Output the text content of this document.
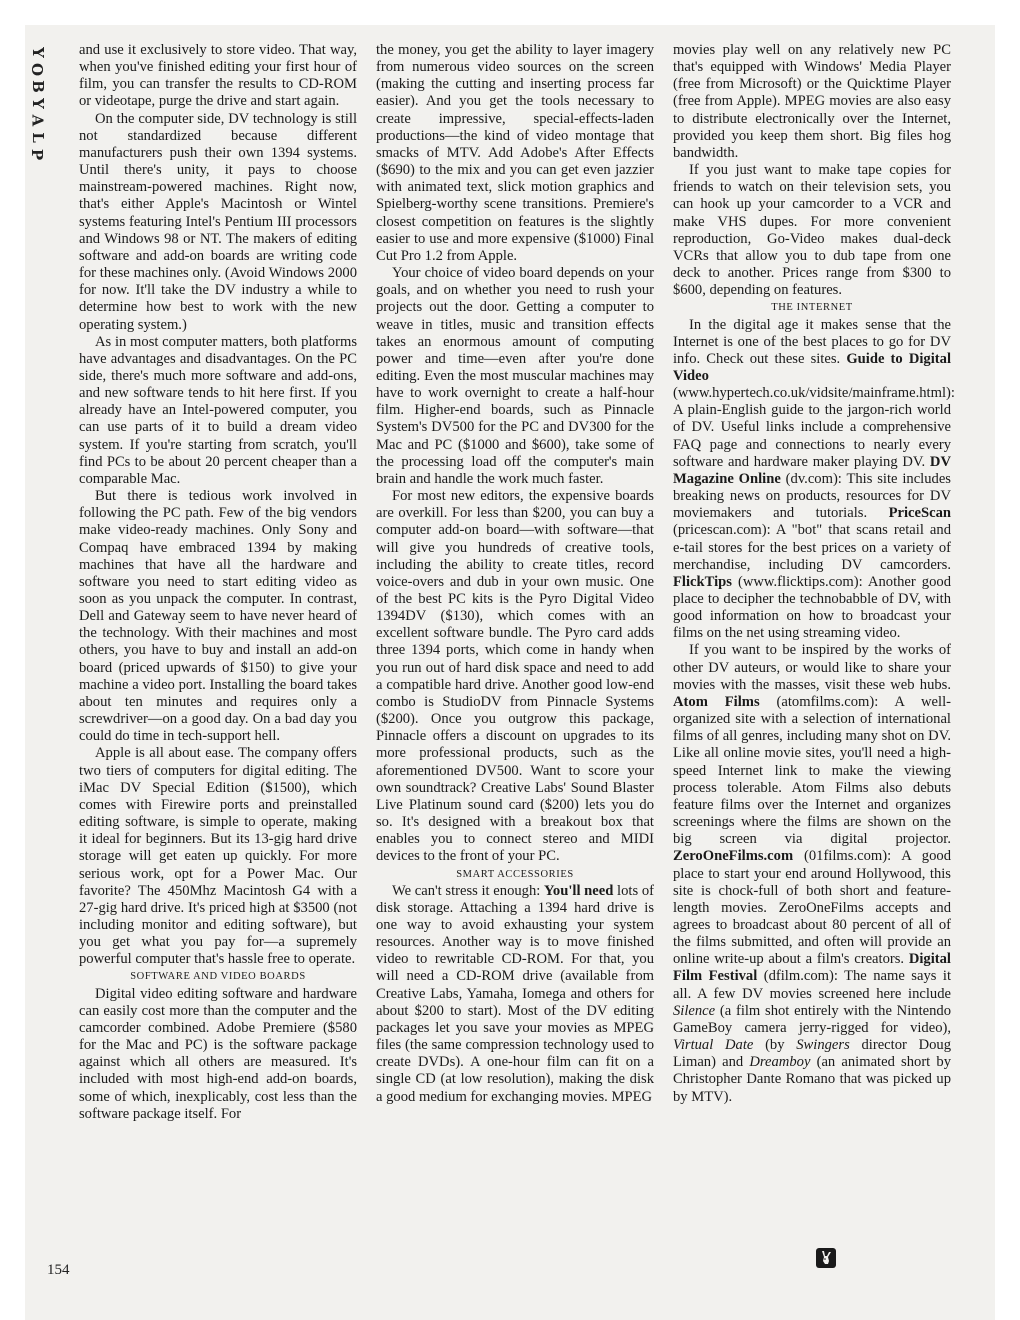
Y
O
B
Y
A
L
P
154

and use it exclusively to store video. That way, when you've finished editing your first hour of film, you can transfer the results to CD-ROM or videotape, purge the drive and start again.

On the computer side, DV technology is still not standardized because different manufacturers push their own 1394 systems. Until there's unity, it pays to choose mainstream-powered machines. Right now, that's either Apple's Macintosh or Wintel systems featuring Intel's Pentium III processors and Windows 98 or NT. The makers of editing software and add-on boards are writing code for these machines only. (Avoid Windows 2000 for now. It'll take the DV industry a while to determine how best to work with the new operating system.)

As in most computer matters, both platforms have advantages and disadvantages. On the PC side, there's much more software and add-ons, and new software tends to hit here first. If you already have an Intel-powered computer, you can use parts of it to build a dream video system. If you're starting from scratch, you'll find PCs to be about 20 percent cheaper than a comparable Mac.

But there is tedious work involved in following the PC path. Few of the big vendors make video-ready machines. Only Sony and Compaq have embraced 1394 by making machines that have all the hardware and software you need to start editing video as soon as you unpack the computer. In contrast, Dell and Gateway seem to have never heard of the technology. With their machines and most others, you have to buy and install an add-on board (priced upwards of $150) to give your machine a video port. Installing the board takes about ten minutes and requires only a screwdriver—on a good day. On a bad day you could do time in tech-support hell.

Apple is all about ease. The company offers two tiers of computers for digital editing. The iMac DV Special Edition ($1500), which comes with Firewire ports and preinstalled editing software, is simple to operate, making it ideal for beginners. But its 13-gig hard drive storage will get eaten up quickly. For more serious work, opt for a Power Mac. Our favorite? The 450Mhz Macintosh G4 with a 27-gig hard drive. It's priced high at $3500 (not including monitor and editing software), but you get what you pay for—a supremely powerful computer that's hassle free to operate.

SOFTWARE AND VIDEO BOARDS

Digital video editing software and hardware can easily cost more than the computer and the camcorder combined. Adobe Premiere ($580 for the Mac and PC) is the software package against which all others are measured. It's included with most high-end add-on boards, some of which, inexplicably, cost less than the software package itself. For

the money, you get the ability to layer imagery from numerous video sources on the screen (making the cutting and inserting process far easier). And you get the tools necessary to create impressive, special-effects-laden productions—the kind of video montage that smacks of MTV. Add Adobe's After Effects ($690) to the mix and you can get even jazzier with animated text, slick motion graphics and Spielberg-worthy scene transitions. Premiere's closest competition on features is the slightly easier to use and more expensive ($1000) Final Cut Pro 1.2 from Apple.

Your choice of video board depends on your goals, and on whether you need to rush your projects out the door. Getting a computer to weave in titles, music and transition effects takes an enormous amount of computing power and time—even after you're done editing. Even the most muscular machines may have to work overnight to create a half-hour film. Higher-end boards, such as Pinnacle System's DV500 for the PC and DV300 for the Mac and PC ($1000 and $600), take some of the processing load off the computer's main brain and handle the work much faster.

For most new editors, the expensive boards are overkill. For less than $200, you can buy a computer add-on board—with software—that will give you hundreds of creative tools, including the ability to create titles, record voice-overs and dub in your own music. One of the best PC kits is the Pyro Digital Video 1394DV ($130), which comes with an excellent software bundle. The Pyro card adds three 1394 ports, which come in handy when you run out of hard disk space and need to add a compatible hard drive. Another good low-end combo is StudioDV from Pinnacle Systems ($200). Once you outgrow this package, Pinnacle offers a discount on upgrades to its more professional products, such as the aforementioned DV500. Want to score your own soundtrack? Creative Labs' Sound Blaster Live Platinum sound card ($200) lets you do so. It's designed with a breakout box that enables you to connect stereo and MIDI devices to the front of your PC.

SMART ACCESSORIES

We can't stress it enough: You'll need lots of disk storage. Attaching a 1394 hard drive is one way to avoid exhausting your system resources. Another way is to move finished video to rewritable CD-ROM. For that, you will need a CD-ROM drive (available from Creative Labs, Yamaha, Iomega and others for about $200 to start). Most of the DV editing packages let you save your movies as MPEG files (the same compression technology used to create DVDs). A one-hour film can fit on a single CD (at low resolution), making the disk a good medium for exchanging movies. MPEG

movies play well on any relatively new PC that's equipped with Windows' Media Player (free from Microsoft) or the Quicktime Player (free from Apple). MPEG movies are also easy to distribute electronically over the Internet, provided you keep them short. Big files hog bandwidth.

If you just want to make tape copies for friends to watch on their television sets, you can hook up your camcorder to a VCR and make VHS dupes. For more convenient reproduction, Go-Video makes dual-deck VCRs that allow you to dub tape from one deck to another. Prices range from $300 to $600, depending on features.

THE INTERNET

In the digital age it makes sense that the Internet is one of the best places to go for DV info. Check out these sites. Guide to Digital Video (www.hypertech.co.uk/vidsite/mainframe.html): A plain-English guide to the jargon-rich world of DV. Useful links include a comprehensive FAQ page and connections to nearly every software and hardware maker playing DV. DV Magazine Online (dv.com): This site includes breaking news on products, resources for DV moviemakers and tutorials. PriceScan (pricescan.com): A "bot" that scans retail and e-tail stores for the best prices on a variety of merchandise, including DV camcorders. FlickTips (www.flicktips.com): Another good place to decipher the technobabble of DV, with good information on how to broadcast your films on the net using streaming video.

If you want to be inspired by the works of other DV auteurs, or would like to share your movies with the masses, visit these web hubs. Atom Films (atomfilms.com): A well-organized site with a selection of international films of all genres, including many shot on DV. Like all online movie sites, you'll need a high-speed Internet link to make the viewing process tolerable. Atom Films also debuts feature films over the Internet and organizes screenings where the films are shown on the big screen via digital projector. ZeroOneFilms.com (01films.com): A good place to start your end around Hollywood, this site is chock-full of both short and feature-length movies. ZeroOneFilms accepts and agrees to broadcast about 80 percent of all of the films submitted, and often will provide an online write-up about a film's creators. Digital Film Festival (dfilm.com): The name says it all. A few DV movies screened here include Silence (a film shot entirely with the Nintendo GameBoy camera jerry-rigged for video), Virtual Date (by Swingers director Doug Liman) and Dreamboy (an animated short by Christopher Dante Romano that was picked up by MTV).
